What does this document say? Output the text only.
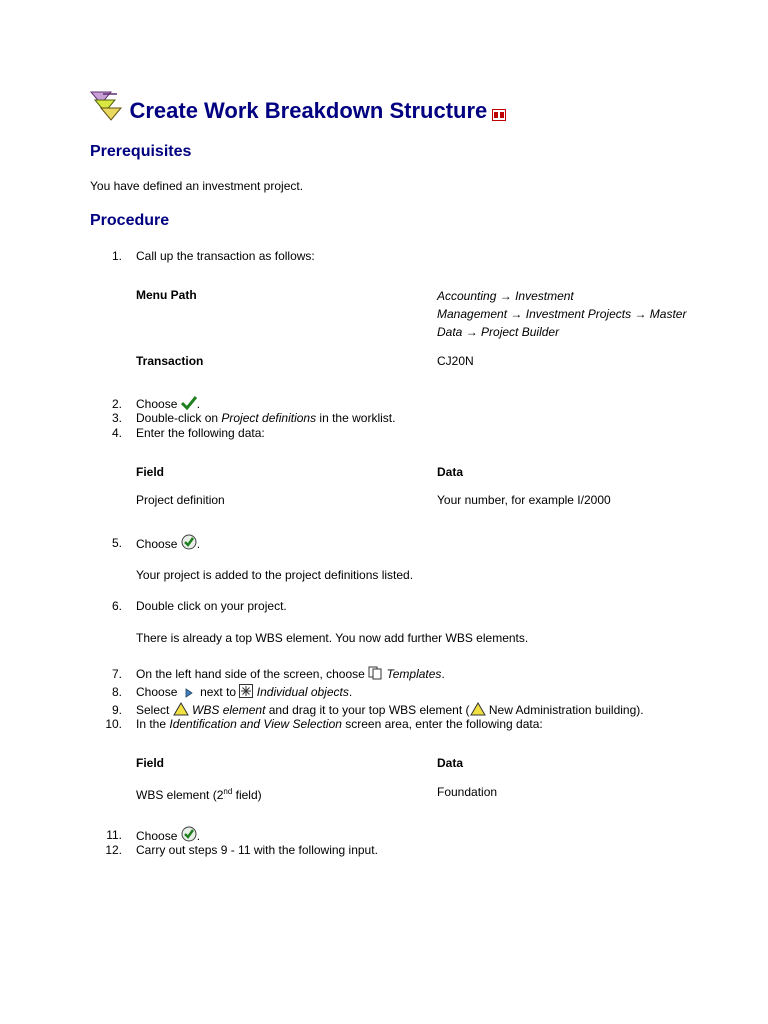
Create Work Breakdown Structure
Prerequisites
You have defined an investment project.
Procedure
1. Call up the transaction as follows:
Menu Path	Accounting → Investment
Management → Investment Projects → Master
Data → Project Builder
Transaction	CJ20N
2. Choose .
3. Double-click on Project definitions in the worklist.
4. Enter the following data:
Field	Data
Project definition	Your number, for example I/2000
5. Choose .
Your project is added to the project definitions listed.
6. Double click on your project.
There is already a top WBS element. You now add further WBS elements.
7. On the left hand side of the screen, choose Templates.
8. Choose next to Individual objects.
9. Select WBS element and drag it to your top WBS element ( New Administration building).
10. In the Identification and View Selection screen area, enter the following data:
Field	Data
WBS element (2nd field)	Foundation
11. Choose .
12. Carry out steps 9 - 11 with the following input.
